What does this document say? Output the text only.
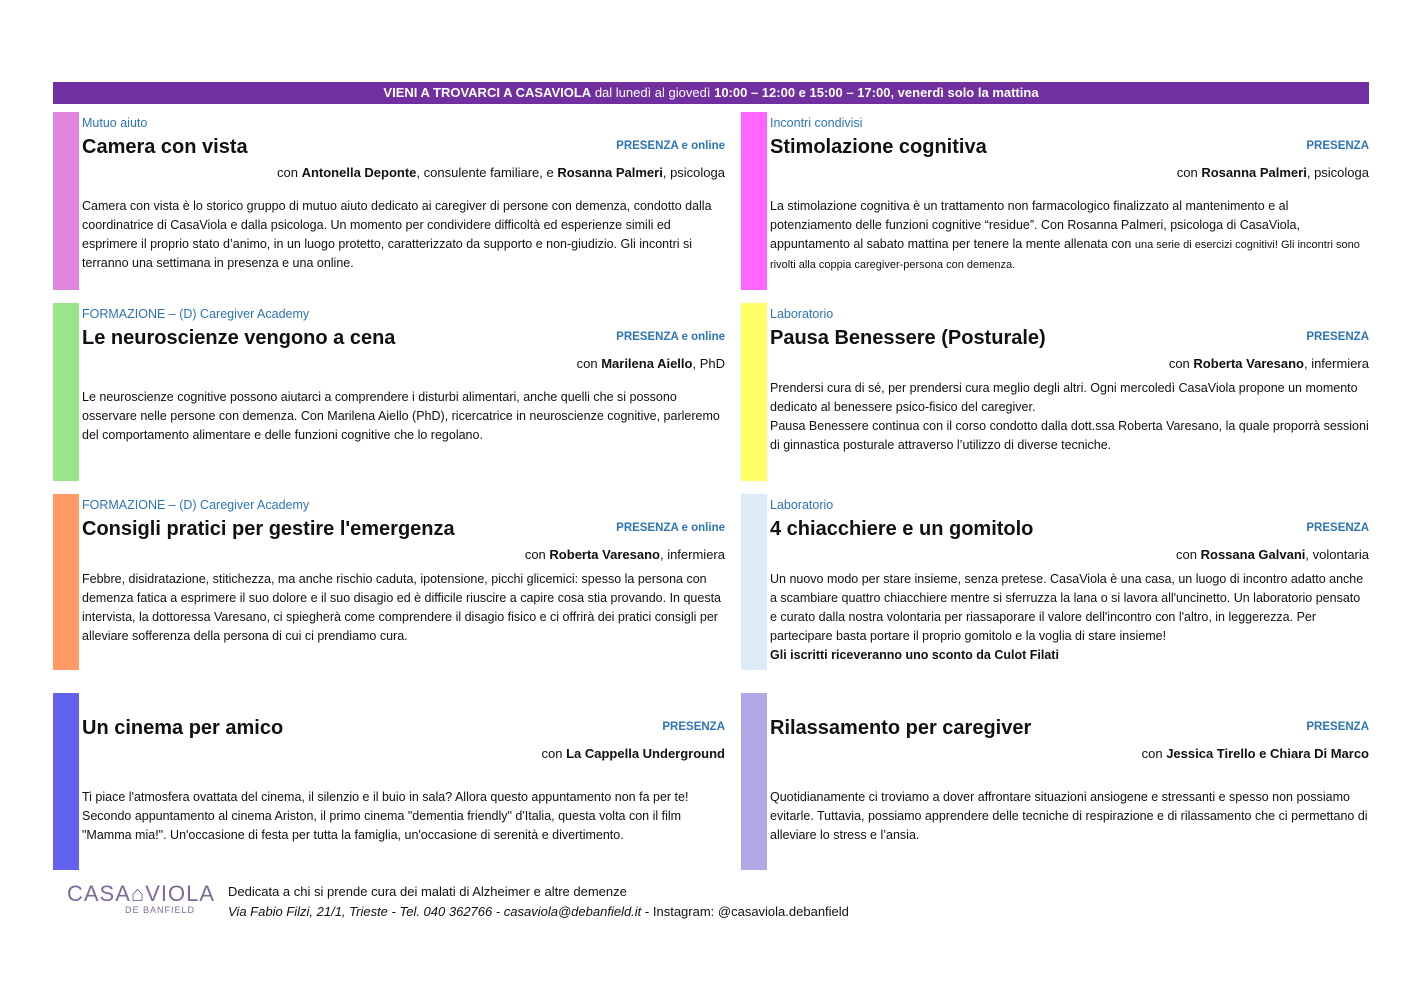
VIENI A TROVARCI A CASAVIOLA dal lunedì al giovedì 10:00 – 12:00 e 15:00 – 17:00, venerdì solo la mattina
Mutuo aiuto
Camera con vista	PRESENZA e online
con Antonella Deponte, consulente familiare, e Rosanna Palmeri, psicologa
Camera con vista è lo storico gruppo di mutuo aiuto dedicato ai caregiver di persone con demenza, condotto dalla coordinatrice di CasaViola e dalla psicologa. Un momento per condividere difficoltà ed esperienze simili ed esprimere il proprio stato d’animo, in un luogo protetto, caratterizzato da supporto e non-giudizio. Gli incontri si terranno una settimana in presenza e una online.
Incontri condivisi
Stimolazione cognitiva	PRESENZA
con Rosanna Palmeri, psicologa
La stimolazione cognitiva è un trattamento non farmacologico finalizzato al mantenimento e al potenziamento delle funzioni cognitive “residue”. Con Rosanna Palmeri, psicologa di CasaViola, appuntamento al sabato mattina per tenere la mente allenata con una serie di esercizi cognitivi! Gli incontri sono rivolti alla coppia caregiver-persona con demenza.
FORMAZIONE – (D) Caregiver Academy
Le neuroscienze vengono a cena	PRESENZA e online
con Marilena Aiello, PhD
Le neuroscienze cognitive possono aiutarci a comprendere i disturbi alimentari, anche quelli che si possono osservare nelle persone con demenza. Con Marilena Aiello (PhD), ricercatrice in neuroscienze cognitive, parleremo del comportamento alimentare e delle funzioni cognitive che lo regolano.
Laboratorio
Pausa Benessere (Posturale)	PRESENZA
con Roberta Varesano, infermiera
Prendersi cura di sé, per prendersi cura meglio degli altri. Ogni mercoledì CasaViola propone un momento dedicato al benessere psico-fisico del caregiver.
Pausa Benessere continua con il corso condotto dalla dott.ssa Roberta Varesano, la quale proporrà sessioni di ginnastica posturale attraverso l’utilizzo di diverse tecniche.
FORMAZIONE – (D) Caregiver Academy
Consigli pratici per gestire l'emergenza	PRESENZA e online
con Roberta Varesano, infermiera
Febbre, disidratazione, stitichezza, ma anche rischio caduta, ipotensione, picchi glicemici: spesso la persona con demenza fatica a esprimere il suo dolore e il suo disagio ed è difficile riuscire a capire cosa stia provando. In questa intervista, la dottoressa Varesano, ci spiegherà come comprendere il disagio fisico e ci offrirà dei pratici consigli per alleviare sofferenza della persona di cui ci prendiamo cura.
Laboratorio
4 chiacchiere e un gomitolo	PRESENZA
con Rossana Galvani, volontaria
Un nuovo modo per stare insieme, senza pretese. CasaViola è una casa, un luogo di incontro adatto anche a scambiare quattro chiacchiere mentre si sferruzza la lana o si lavora all'uncinetto. Un laboratorio pensato e curato dalla nostra volontaria per riassaporare il valore dell'incontro con l'altro, in leggerezza. Per partecipare basta portare il proprio gomitolo e la voglia di stare insieme!
Gli iscritti riceveranno uno sconto da Culot Filati
Un cinema per amico	PRESENZA
con La Cappella Underground
Ti piace l'atmosfera ovattata del cinema, il silenzio e il buio in sala? Allora questo appuntamento non fa per te! Secondo appuntamento al cinema Ariston, il primo cinema "dementia friendly" d'Italia, questa volta con il film "Mamma mia!". Un'occasione di festa per tutta la famiglia, un'occasione di serenità e divertimento.
Rilassamento per caregiver	PRESENZA
con Jessica Tirello e Chiara Di Marco
Quotidianamente ci troviamo a dover affrontare situazioni ansiogene e stressanti e spesso non possiamo evitarle. Tuttavia, possiamo apprendere delle tecniche di respirazione e di rilassamento che ci permettano di alleviare lo stress e l’ansia.
CASA⌂VIOLA
DE BANFIELD
Dedicata a chi si prende cura dei malati di Alzheimer e altre demenze
Via Fabio Filzi, 21/1, Trieste - Tel. 040 362766 - casaviola@debanfield.it - Instagram: @casaviola.debanfield
